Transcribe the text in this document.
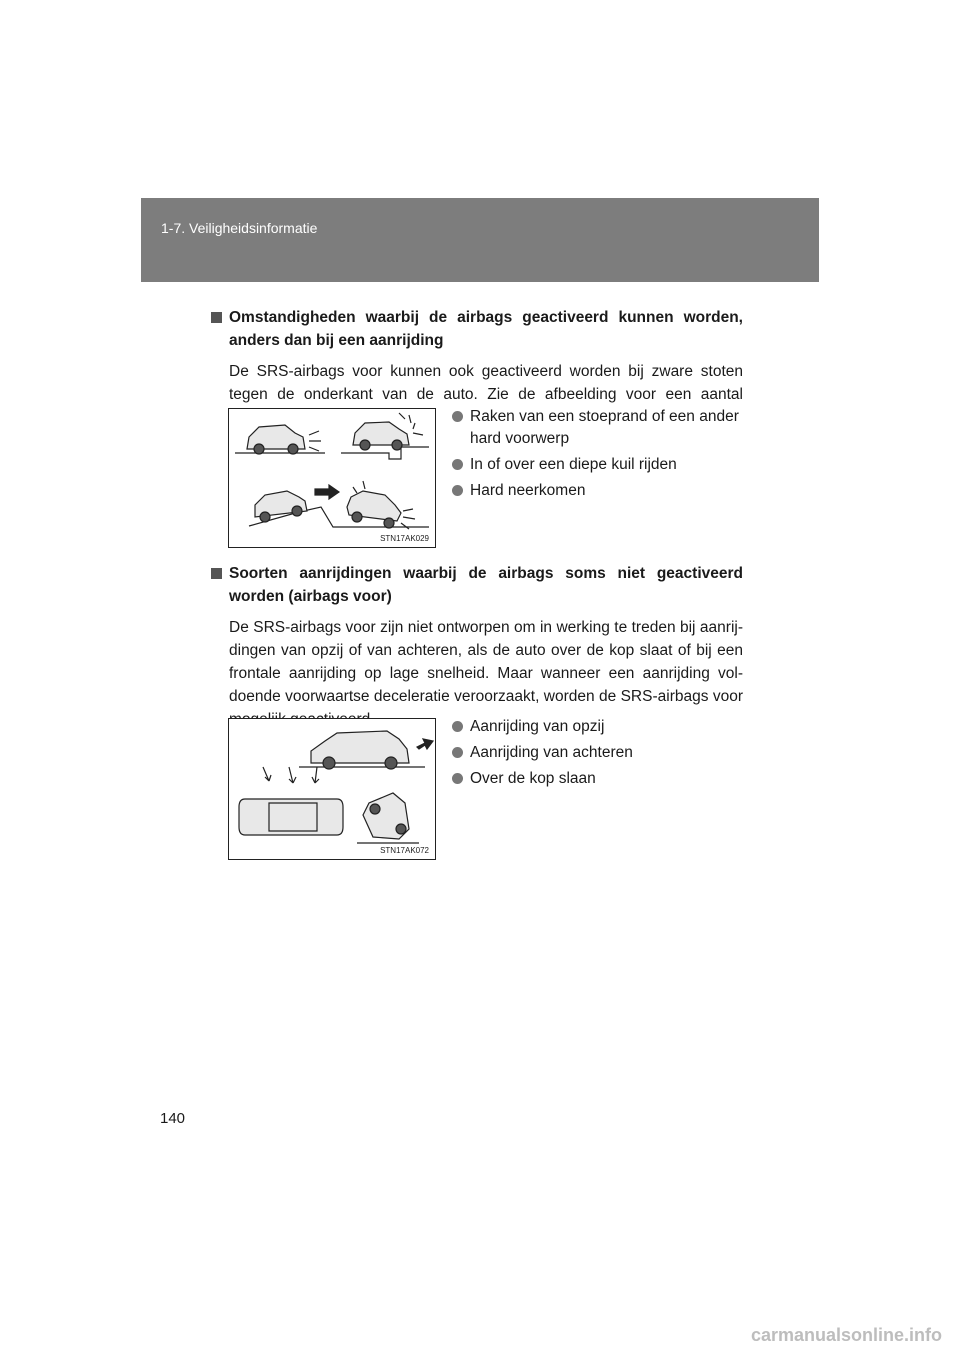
1-7. Veiligheidsinformatie
Omstandigheden waarbij de airbags geactiveerd kunnen worden, anders dan bij een aanrijding
De SRS-airbags voor kunnen ook geactiveerd worden bij zware stoten tegen de onderkant van de auto. Zie de afbeelding voor een aantal
STN17AK029
Raken van een stoeprand of een ander hard voorwerp
In of over een diepe kuil rijden
Hard neerkomen
Soorten aanrijdingen waarbij de airbags soms niet geactiveerd worden (airbags voor)
De SRS-airbags voor zijn niet ontworpen om in werking te treden bij aanrij-dingen van opzij of van achteren, als de auto over de kop slaat of bij een frontale aanrijding op lage snelheid. Maar wanneer een aanrijding vol-doende voorwaartse deceleratie veroorzaakt, worden de SRS-airbags voor
STN17AK072
Aanrijding van opzij
Aanrijding van achteren
Over de kop slaan
140
carmanualsonline.info
